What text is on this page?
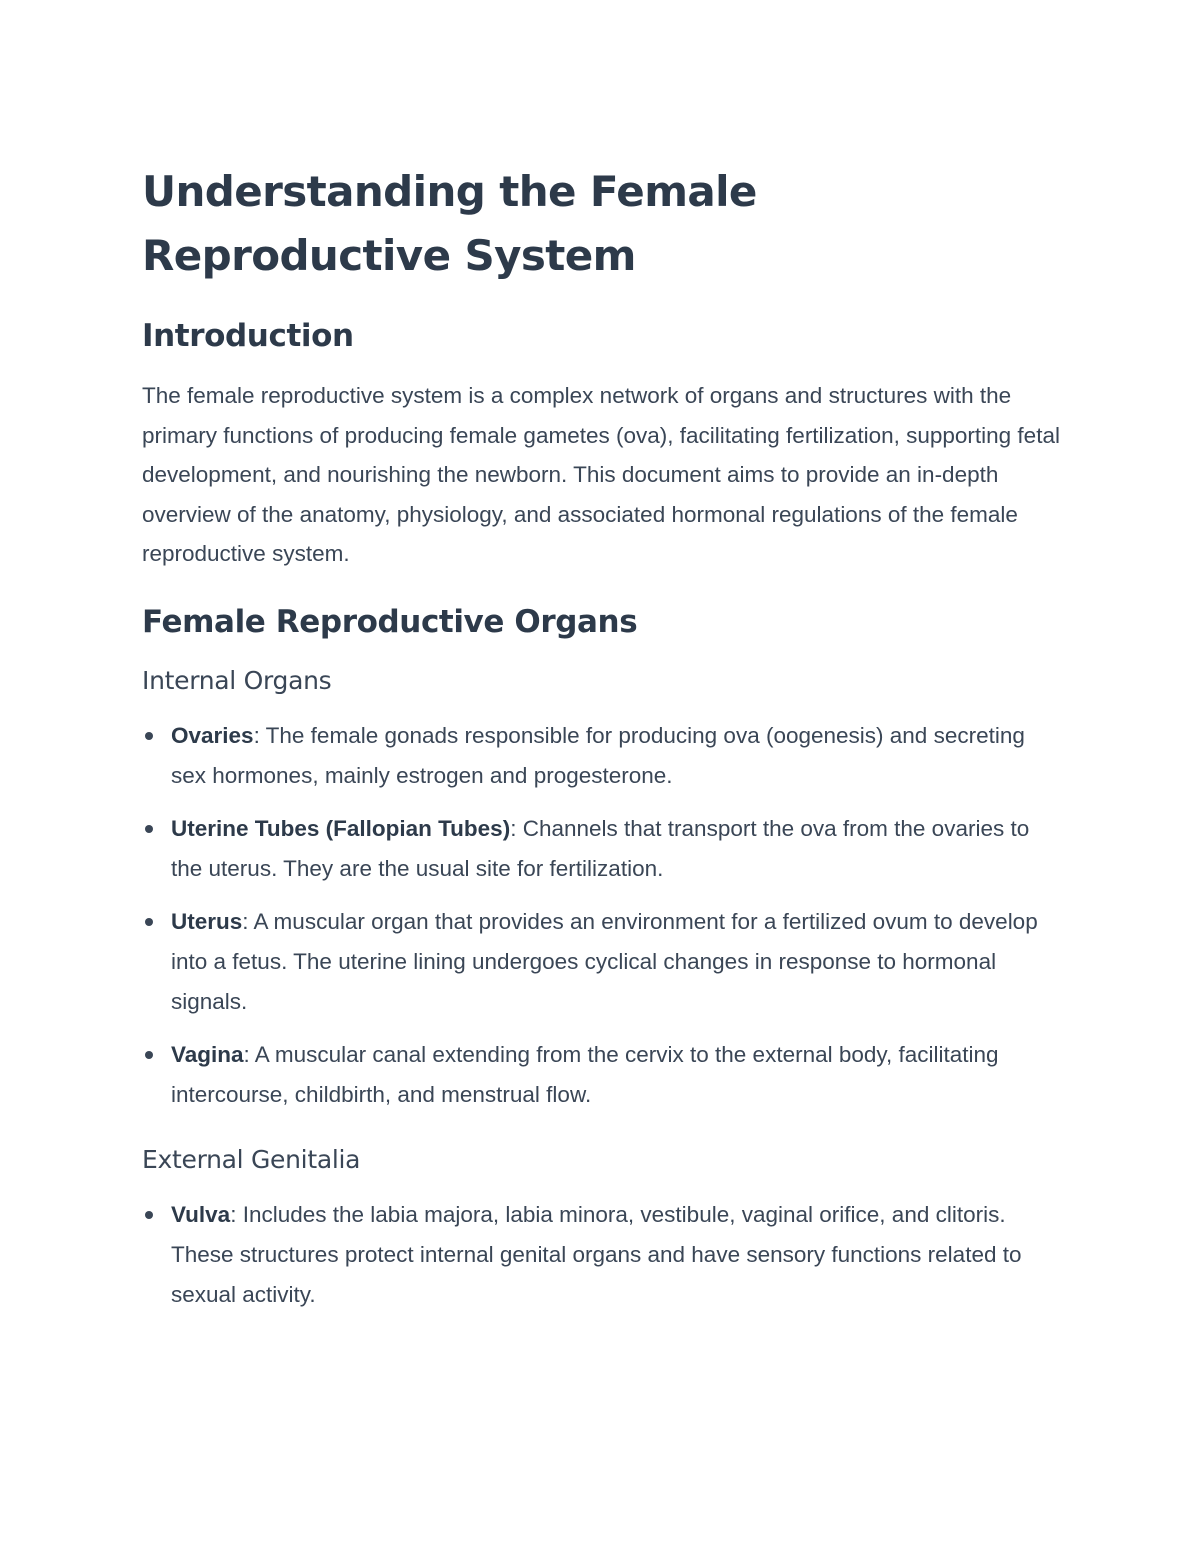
Understanding the Female
Reproductive System
Introduction

The female reproductive system is a complex network of organs and structures with the primary functions of producing female gametes (ova), facilitating fertilization, supporting fetal development, and nourishing the newborn. This document aims to provide an in-depth overview of the anatomy, physiology, and associated hormonal regulations of the female reproductive system.

Female Reproductive Organs
Internal Organs
Ovaries: The female gonads responsible for producing ova (oogenesis) and secreting sex hormones, mainly estrogen and progesterone.
Uterine Tubes (Fallopian Tubes): Channels that transport the ova from the ovaries to the uterus. They are the usual site for fertilization.
Uterus: A muscular organ that provides an environment for a fertilized ovum to develop into a fetus. The uterine lining undergoes cyclical changes in response to hormonal signals.
Vagina: A muscular canal extending from the cervix to the external body, facilitating intercourse, childbirth, and menstrual flow.
External Genitalia
Vulva: Includes the labia majora, labia minora, vestibule, vaginal orifice, and clitoris. These structures protect internal genital organs and have sensory functions related to sexual activity.
